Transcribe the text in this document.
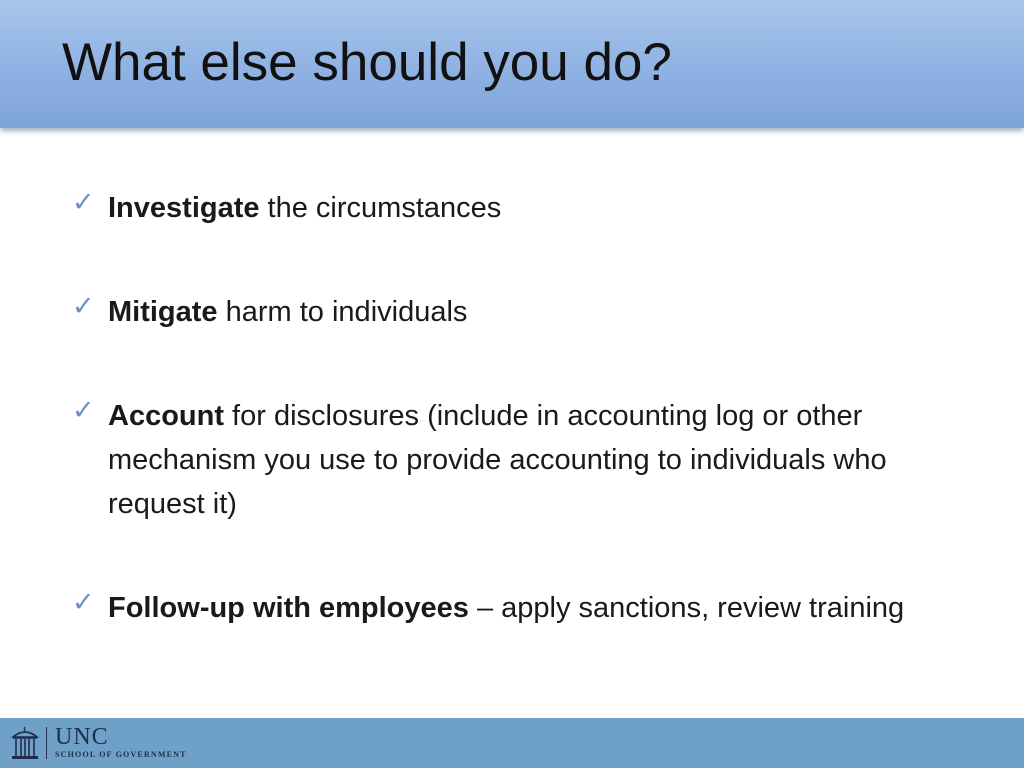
What else should you do?
✓ Investigate the circumstances
✓ Mitigate harm to individuals
✓ Account for disclosures (include in accounting log or other mechanism you use to provide accounting to individuals who request it)
✓ Follow-up with employees – apply sanctions, review training
UNC
SCHOOL OF GOVERNMENT
